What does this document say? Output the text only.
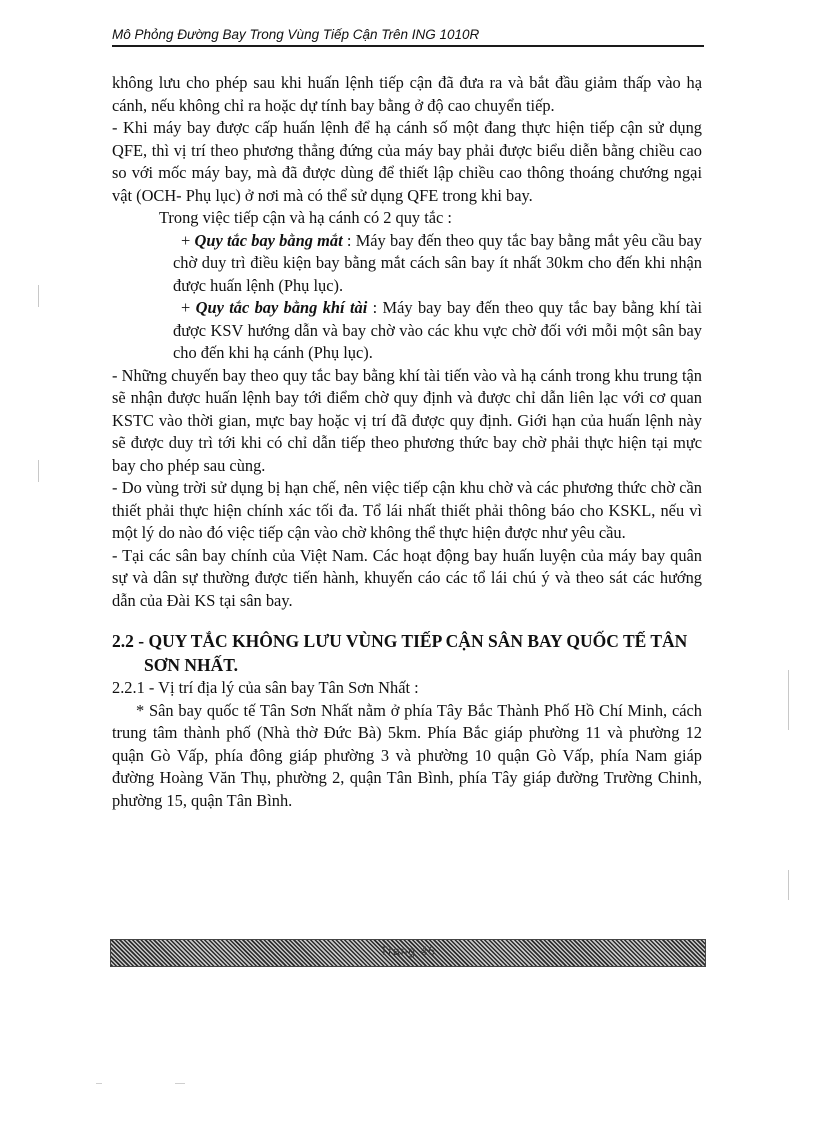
Mô Phỏng Đường Bay Trong Vùng Tiếp Cận Trên ING 1010R

không lưu cho phép sau khi huấn lệnh tiếp cận đã đưa ra và bắt đầu giảm thấp vào hạ cánh, nếu không chỉ ra hoặc dự tính bay bằng ở độ cao chuyển tiếp.

- Khi máy bay được cấp huấn lệnh để hạ cánh số một đang thực hiện tiếp cận sử dụng QFE, thì vị trí theo phương thẳng đứng của máy bay phải được biểu diễn bằng chiều cao so với mốc máy bay, mà đã được dùng để thiết lập chiều cao thông thoáng chướng ngại vật (OCH- Phụ lục) ở nơi mà có thể sử dụng QFE trong khi bay.

Trong việc tiếp cận và hạ cánh có 2 quy tắc :

+ Quy tắc bay bằng mắt : Máy bay đến theo quy tắc bay bằng mắt yêu cầu bay chờ duy trì điều kiện bay bằng mắt cách sân bay ít nhất 30km cho đến khi nhận được huấn lệnh (Phụ lục).

+ Quy tắc bay bằng khí tài : Máy bay bay đến theo quy tắc bay bằng khí tài được KSV hướng dẫn và bay chờ vào các khu vực chờ đối với mỗi một sân bay cho đến khi hạ cánh (Phụ lục).

- Những chuyến bay theo quy tắc bay bằng khí tài tiến vào và hạ cánh trong khu trung tận sẽ nhận được huấn lệnh bay tới điểm chờ quy định và được chỉ dẫn liên lạc với cơ quan KSTC vào thời gian, mực bay hoặc vị trí đã được quy định. Giới hạn của huấn lệnh này sẽ được duy trì tới khi có chỉ dẫn tiếp theo phương thức bay chờ phải thực hiện tại mực bay cho phép sau cùng.

- Do vùng trời sử dụng bị hạn chế, nên việc tiếp cận khu chờ và các phương thức chờ cần thiết phải thực hiện chính xác tối đa. Tổ lái nhất thiết phải thông báo cho KSKL, nếu vì một lý do nào đó việc tiếp cận vào chờ không thể thực hiện được như yêu cầu.

- Tại các sân bay chính của Việt Nam. Các hoạt động bay huấn luyện của máy bay quân sự và dân sự thường được tiến hành, khuyến cáo các tổ lái chú ý và theo sát các hướng dẫn của Đài KS tại sân bay.

2.2 - QUY TẮC KHÔNG LƯU VÙNG TIẾP CẬN SÂN BAY QUỐC TẾ TÂN SƠN NHẤT.

2.2.1 - Vị trí địa lý của sân bay Tân Sơn Nhất :

* Sân bay quốc tế Tân Sơn Nhất nằm ở phía Tây Bắc Thành Phố Hồ Chí Minh, cách trung tâm thành phố (Nhà thờ Đức Bà) 5km. Phía Bắc giáp phường 11 và phường 12 quận Gò Vấp, phía đông giáp phường 3 và phường 10 quận Gò Vấp, phía Nam giáp đường Hoàng Văn Thụ, phường 2, quận Tân Bình, phía Tây giáp đường Trường Chinh, phường 15, quận Tân Bình.

Trang 46
